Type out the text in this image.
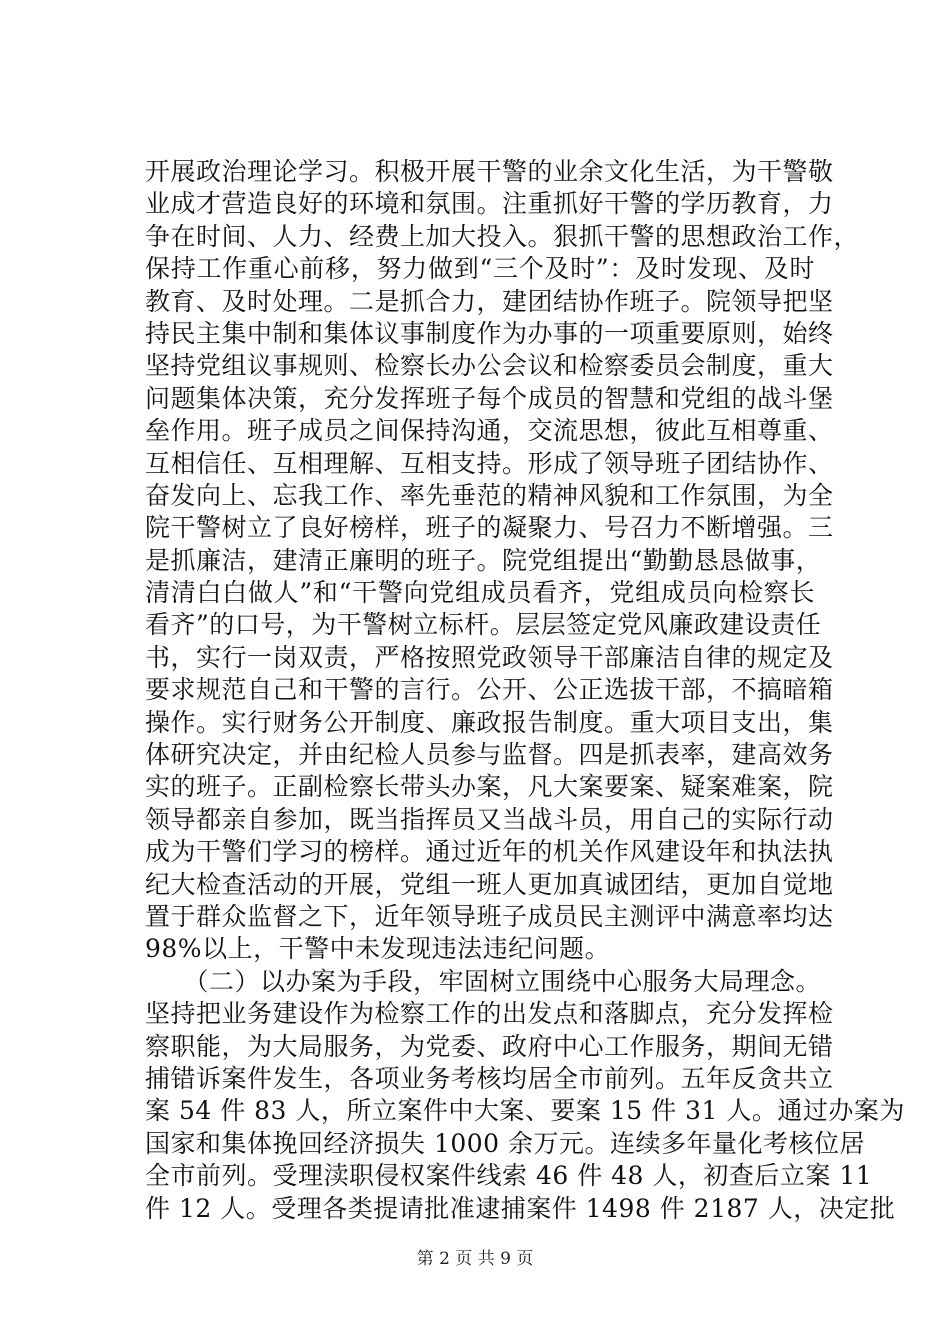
开展政治理论学习。积极开展干警的业余文化生活，为干警敬
业成才营造良好的环境和氛围。注重抓好干警的学历教育，力
争在时间、人力、经费上加大投入。狠抓干警的思想政治工作，
保持工作重心前移，努力做到“三个及时”：及时发现、及时
教育、及时处理。二是抓合力，建团结协作班子。院领导把坚
持民主集中制和集体议事制度作为办事的一项重要原则，始终
坚持党组议事规则、检察长办公会议和检察委员会制度，重大
问题集体决策，充分发挥班子每个成员的智慧和党组的战斗堡
垒作用。班子成员之间保持沟通，交流思想，彼此互相尊重、
互相信任、互相理解、互相支持。形成了领导班子团结协作、
奋发向上、忘我工作、率先垂范的精神风貌和工作氛围，为全
院干警树立了良好榜样，班子的凝聚力、号召力不断增强。三
是抓廉洁，建清正廉明的班子。院党组提出“勤勤恳恳做事，
清清白白做人”和“干警向党组成员看齐，党组成员向检察长
看齐”的口号，为干警树立标杆。层层签定党风廉政建设责任
书，实行一岗双责，严格按照党政领导干部廉洁自律的规定及
要求规范自己和干警的言行。公开、公正选拔干部，不搞暗箱
操作。实行财务公开制度、廉政报告制度。重大项目支出，集
体研究决定，并由纪检人员参与监督。四是抓表率，建高效务
实的班子。正副检察长带头办案，凡大案要案、疑案难案，院
领导都亲自参加，既当指挥员又当战斗员，用自己的实际行动
成为干警们学习的榜样。通过近年的机关作风建设年和执法执
纪大检查活动的开展，党组一班人更加真诚团结，更加自觉地
置于群众监督之下，近年领导班子成员民主测评中满意率均达
98%以上，干警中未发现违法违纪问题。
　　（二）以办案为手段，牢固树立围绕中心服务大局理念。
坚持把业务建设作为检察工作的出发点和落脚点，充分发挥检
察职能，为大局服务，为党委、政府中心工作服务，期间无错
捕错诉案件发生，各项业务考核均居全市前列。五年反贪共立
案 54 件 83 人，所立案件中大案、要案 15 件 31 人。通过办案为
国家和集体挽回经济损失 1000 余万元。连续多年量化考核位居
全市前列。受理渎职侵权案件线索 46 件 48 人，初查后立案 11
件 12 人。受理各类提请批准逮捕案件 1498 件 2187 人，决定批
第 2 页 共 9 页
